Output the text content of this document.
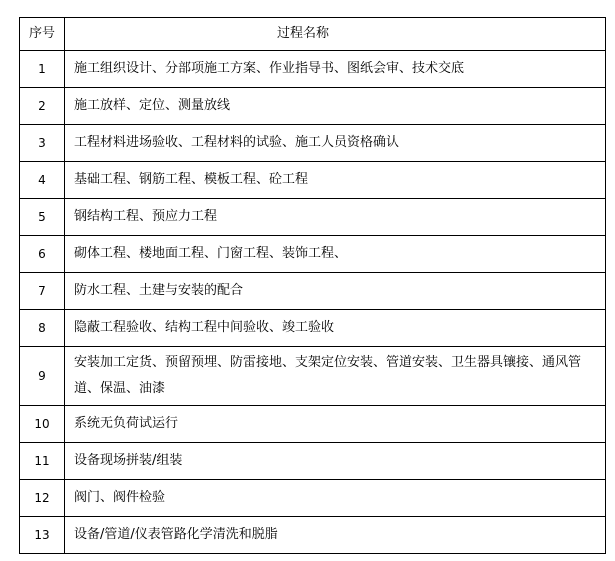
序号	过程名称
1	施工组织设计、分部项施工方案、作业指导书、图纸会审、技术交底
2	施工放样、定位、测量放线
3	工程材料进场验收、工程材料的试验、施工人员资格确认
4	基础工程、钢筋工程、模板工程、砼工程
5	钢结构工程、预应力工程
6	砌体工程、楼地面工程、门窗工程、装饰工程、
7	防水工程、土建与安装的配合
8	隐蔽工程验收、结构工程中间验收、竣工验收
9	安装加工定货、预留预埋、防雷接地、支架定位安装、管道安装、卫生器具镶接、通风管道、保温、油漆
10	系统无负荷试运行
11	设备现场拼装/组装
12	阀门、阀件检验
13	设备/管道/仪表管路化学清洗和脱脂
